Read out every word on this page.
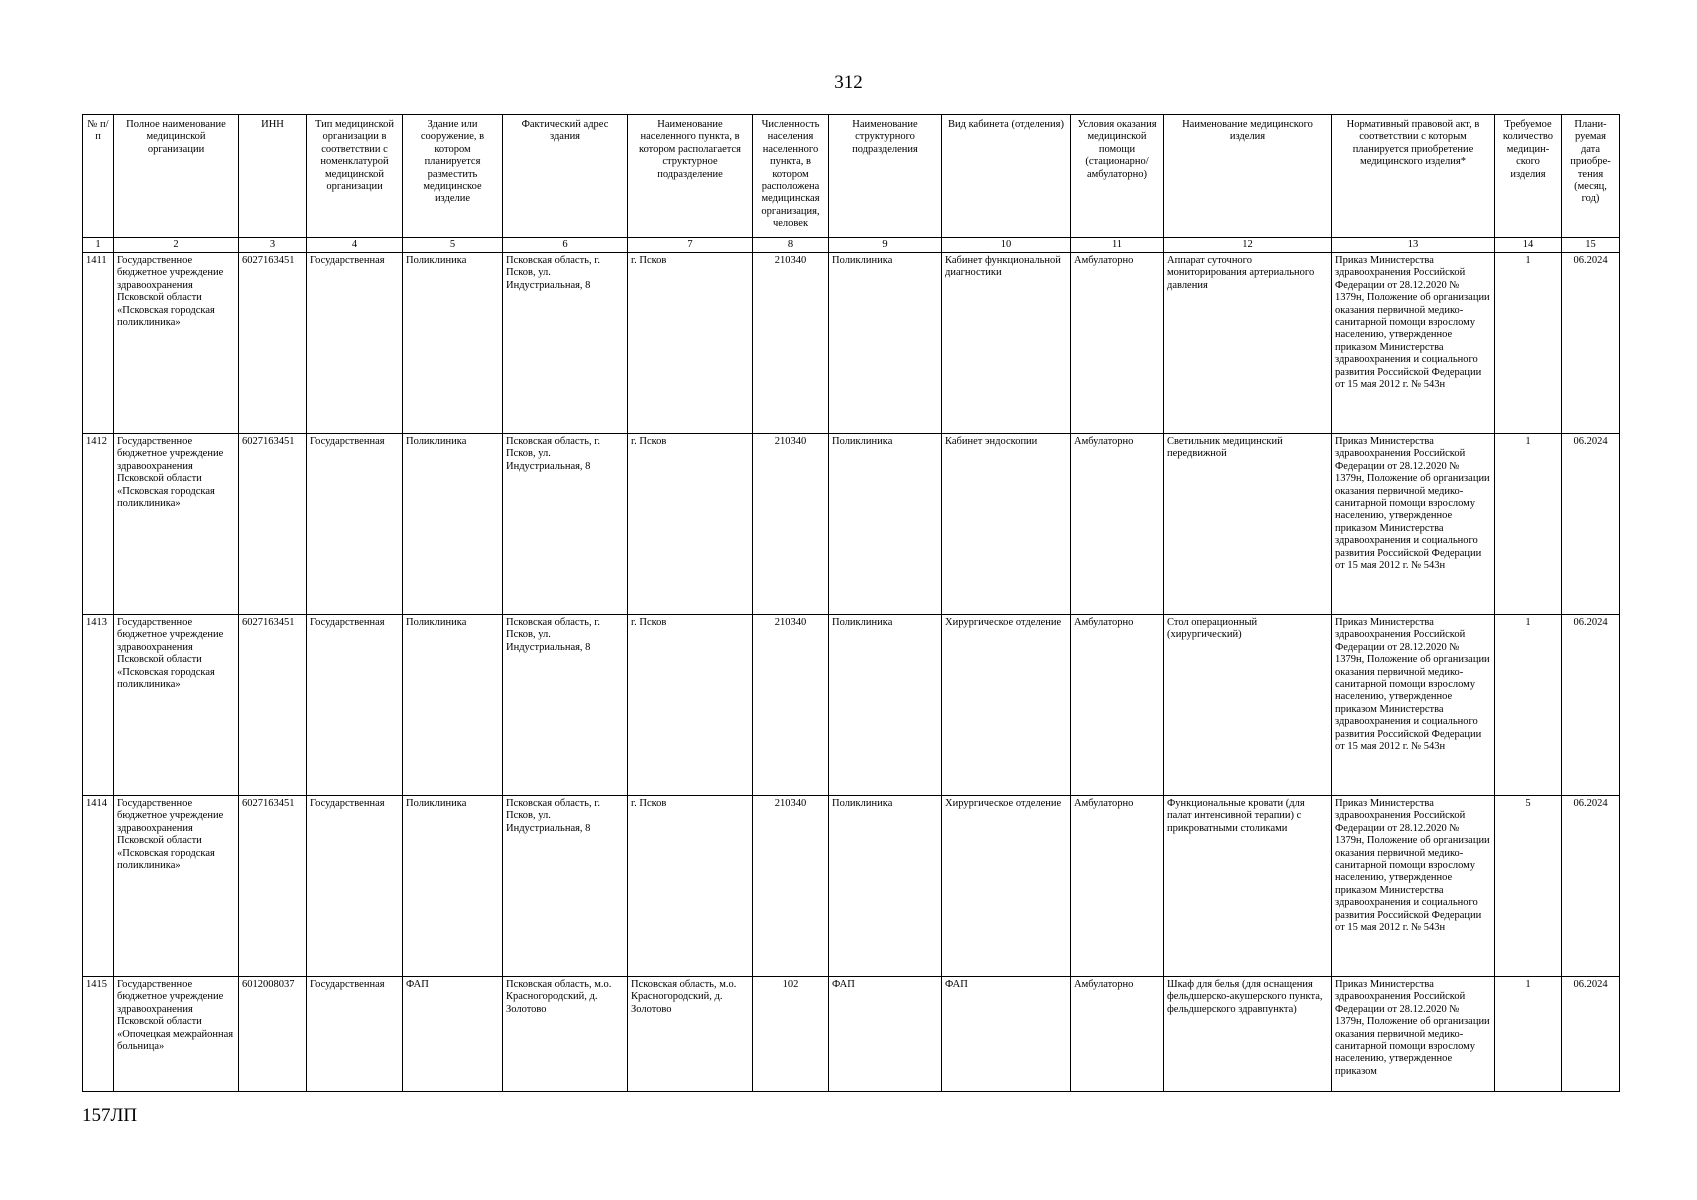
312
№ п/п	Полное наименование медицинской организации	ИНН	Тип медицинской организации в соответствии с номенклатурой медицинской организации	Здание или сооружение, в котором планируется разместить медицинское изделие	Фактический адрес здания	Наименование населенного пункта, в котором располагается структурное подразделение	Численность населения населенного пункта, в котором расположена медицинская организация, человек	Наименование структурного подразделения	Вид кабинета (отделения)	Условия оказания медицинской помощи (стационарно/ амбулаторно)	Наименование медицинского изделия	Нормативный правовой акт, в соответствии с которым планируется приобретение медицинского изделия*	Требуемое количество медицин-ского изделия	Плани-руемая дата приобре-тения (месяц, год)
1	2	3	4	5	6	7	8	9	10	11	12	13	14	15
1411	Государственное бюджетное учреждение здравоохранения Псковской области «Псковская городская поликлиника»	6027163451	Государственная	Поликлиника	Псковская область, г. Псков, ул. Индустриальная, 8	г. Псков	210340	Поликлиника	Кабинет функциональной диагностики	Амбулаторно	Аппарат суточного мониторирования артериального давления	Приказ Министерства здравоохранения Российской Федерации от 28.12.2020 № 1379н, Положение об организации оказания первичной медико-санитарной помощи взрослому населению, утвержденное приказом Министерства здравоохранения и социального развития Российской Федерации от 15 мая 2012 г. № 543н	1	06.2024
1412	Государственное бюджетное учреждение здравоохранения Псковской области «Псковская городская поликлиника»	6027163451	Государственная	Поликлиника	Псковская область, г. Псков, ул. Индустриальная, 8	г. Псков	210340	Поликлиника	Кабинет эндоскопии	Амбулаторно	Светильник медицинский передвижной	Приказ Министерства здравоохранения Российской Федерации от 28.12.2020 № 1379н, Положение об организации оказания первичной медико-санитарной помощи взрослому населению, утвержденное приказом Министерства здравоохранения и социального развития Российской Федерации от 15 мая 2012 г. № 543н	1	06.2024
1413	Государственное бюджетное учреждение здравоохранения Псковской области «Псковская городская поликлиника»	6027163451	Государственная	Поликлиника	Псковская область, г. Псков, ул. Индустриальная, 8	г. Псков	210340	Поликлиника	Хирургическое отделение	Амбулаторно	Стол операционный (хирургический)	Приказ Министерства здравоохранения Российской Федерации от 28.12.2020 № 1379н, Положение об организации оказания первичной медико-санитарной помощи взрослому населению, утвержденное приказом Министерства здравоохранения и социального развития Российской Федерации от 15 мая 2012 г. № 543н	1	06.2024
1414	Государственное бюджетное учреждение здравоохранения Псковской области «Псковская городская поликлиника»	6027163451	Государственная	Поликлиника	Псковская область, г. Псков, ул. Индустриальная, 8	г. Псков	210340	Поликлиника	Хирургическое отделение	Амбулаторно	Функциональные кровати (для палат интенсивной терапии) с прикроватными столиками	Приказ Министерства здравоохранения Российской Федерации от 28.12.2020 № 1379н, Положение об организации оказания первичной медико-санитарной помощи взрослому населению, утвержденное приказом Министерства здравоохранения и социального развития Российской Федерации от 15 мая 2012 г. № 543н	5	06.2024
1415	Государственное бюджетное учреждение здравоохранения Псковской области «Опочецкая межрайонная больница»	6012008037	Государственная	ФАП	Псковская область, м.о. Красногородский, д. Золотово	Псковская область, м.о. Красногородский, д. Золотово	102	ФАП	ФАП	Амбулаторно	Шкаф для белья (для оснащения фельдшерско-акушерского пункта, фельдшерского здравпункта)	Приказ Министерства здравоохранения Российской Федерации от 28.12.2020 № 1379н, Положение об организации оказания первичной медико-санитарной помощи взрослому населению, утвержденное приказом	1	06.2024
157ЛП
